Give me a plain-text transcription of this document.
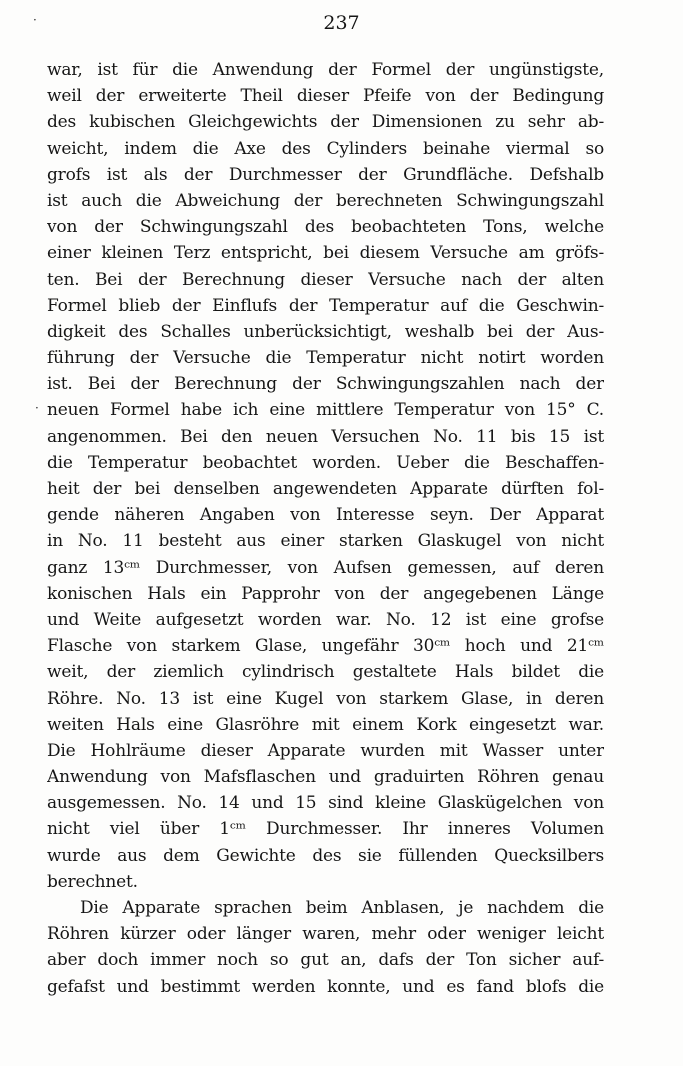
·	237
·
war, ist für die Anwendung der Formel der ungünstigste,
weil der erweiterte Theil dieser Pfeife von der Bedingung
des kubischen Gleichgewichts der Dimensionen zu sehr ab-
weicht, indem die Axe des Cylinders beinahe viermal so
grofs ist als der Durchmesser der Grundfläche. Defshalb
ist auch die Abweichung der berechneten Schwingungszahl
von der Schwingungszahl des beobachteten Tons, welche
einer kleinen Terz entspricht, bei diesem Versuche am gröfs-
ten. Bei der Berechnung dieser Versuche nach der alten
Formel blieb der Einflufs der Temperatur auf die Geschwin-
digkeit des Schalles unberücksichtigt, weshalb bei der Aus-
führung der Versuche die Temperatur nicht notirt worden
ist. Bei der Berechnung der Schwingungszahlen nach der
neuen Formel habe ich eine mittlere Temperatur von 15° C.
angenommen. Bei den neuen Versuchen No. 11 bis 15 ist
die Temperatur beobachtet worden. Ueber die Beschaffen-
heit der bei denselben angewendeten Apparate dürften fol-
gende näheren Angaben von Interesse seyn. Der Apparat
in No. 11 besteht aus einer starken Glaskugel von nicht
ganz 13ᶜᵐ Durchmesser, von Aufsen gemessen, auf deren
konischen Hals ein Papprohr von der angegebenen Länge
und Weite aufgesetzt worden war. No. 12 ist eine grofse
Flasche von starkem Glase, ungefähr 30ᶜᵐ hoch und 21ᶜᵐ
weit, der ziemlich cylindrisch gestaltete Hals bildet die
Röhre. No. 13 ist eine Kugel von starkem Glase, in deren
weiten Hals eine Glasröhre mit einem Kork eingesetzt war.
Die Hohlräume dieser Apparate wurden mit Wasser unter
Anwendung von Mafsflaschen und graduirten Röhren genau
ausgemessen. No. 14 und 15 sind kleine Glaskügelchen von
nicht viel über 1ᶜᵐ Durchmesser. Ihr inneres Volumen
wurde aus dem Gewichte des sie füllenden Quecksilbers
berechnet.
Die Apparate sprachen beim Anblasen, je nachdem die
Röhren kürzer oder länger waren, mehr oder weniger leicht
aber doch immer noch so gut an, dafs der Ton sicher auf-
gefafst und bestimmt werden konnte, und es fand blofs die
